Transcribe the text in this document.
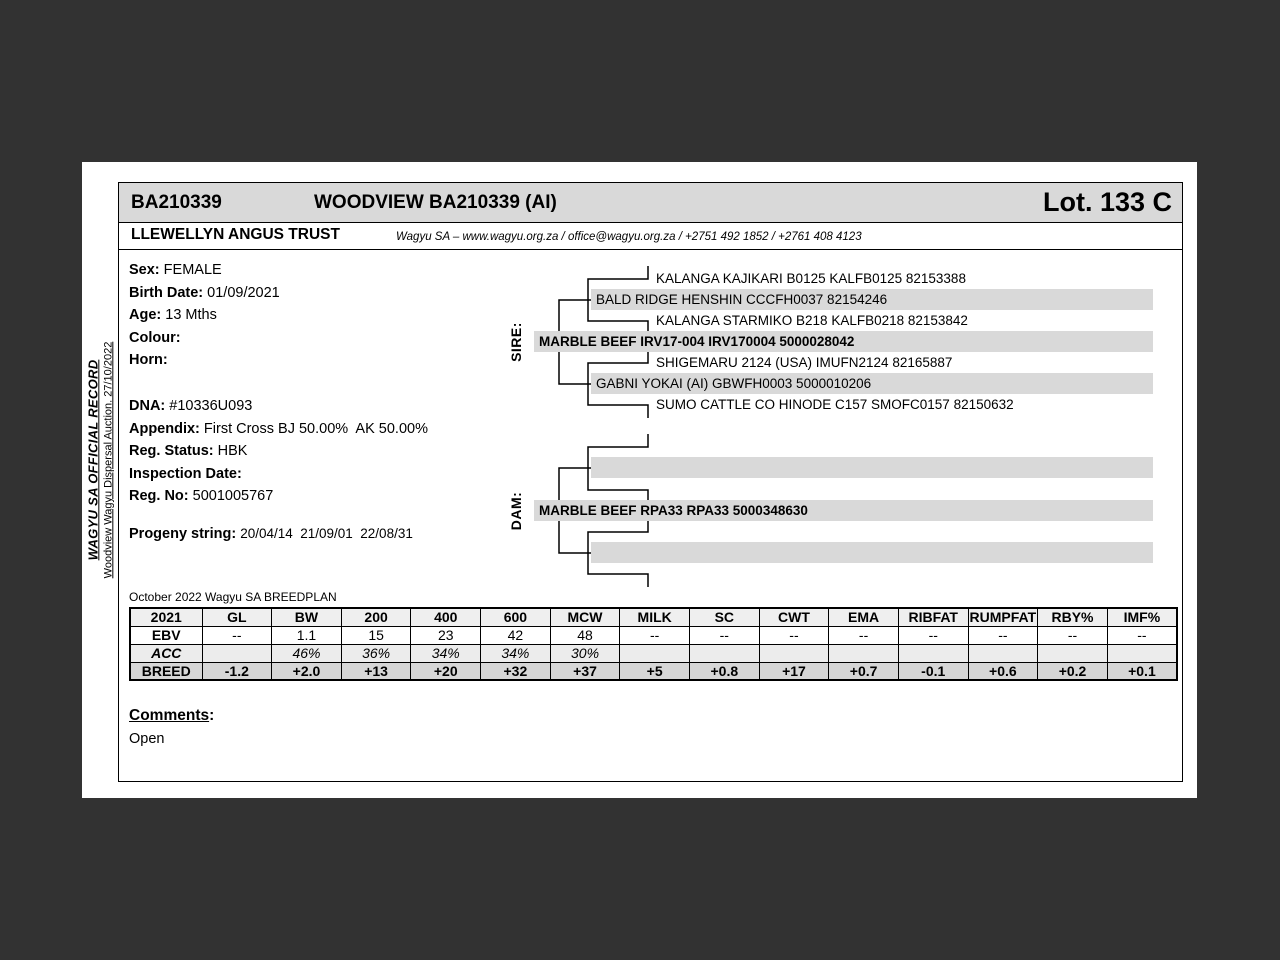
WAGYU SA OFFICIAL RECORD Woodview Wagyu Dispersal Auction. 27/10/2022
BA210339	WOODVIEW BA210339 (AI)	Lot. 133 C
LLEWELLYN ANGUS TRUST	Wagyu SA – www.wagyu.org.za / office@wagyu.org.za / +2751 492 1852 / +2761 408 4123
Sex: FEMALE
Birth Date: 01/09/2021
Age: 13 Mths
Colour:
Horn:
DNA: #10336U093
Appendix: First Cross BJ 50.00%  AK 50.00%
Reg. Status: HBK
Inspection Date:
Reg. No: 5001005767
Progeny string: 20/04/14  21/09/01  22/08/31
SIRE:
DAM:
KALANGA KAJIKARI B0125 KALFB0125 82153388
BALD RIDGE HENSHIN CCCFH0037 82154246
KALANGA STARMIKO B218 KALFB0218 82153842
MARBLE BEEF IRV17-004 IRV170004 5000028042
SHIGEMARU 2124 (USA) IMUFN2124 82165887
GABNI YOKAI (AI) GBWFH0003 5000010206
SUMO CATTLE CO HINODE C157 SMOFC0157 82150632
MARBLE BEEF RPA33 RPA33 5000348630
October 2022 Wagyu SA BREEDPLAN
2021	GL	BW	200	400	600	MCW	MILK	SC	CWT	EMA	RIBFAT	RUMPFAT	RBY%	IMF%
EBV	--	1.1	15	23	42	48	--	--	--	--	--	--	--	--
ACC		46%	36%	34%	34%	30%								
BREED	-1.2	+2.0	+13	+20	+32	+37	+5	+0.8	+17	+0.7	-0.1	+0.6	+0.2	+0.1
Comments:
Open
